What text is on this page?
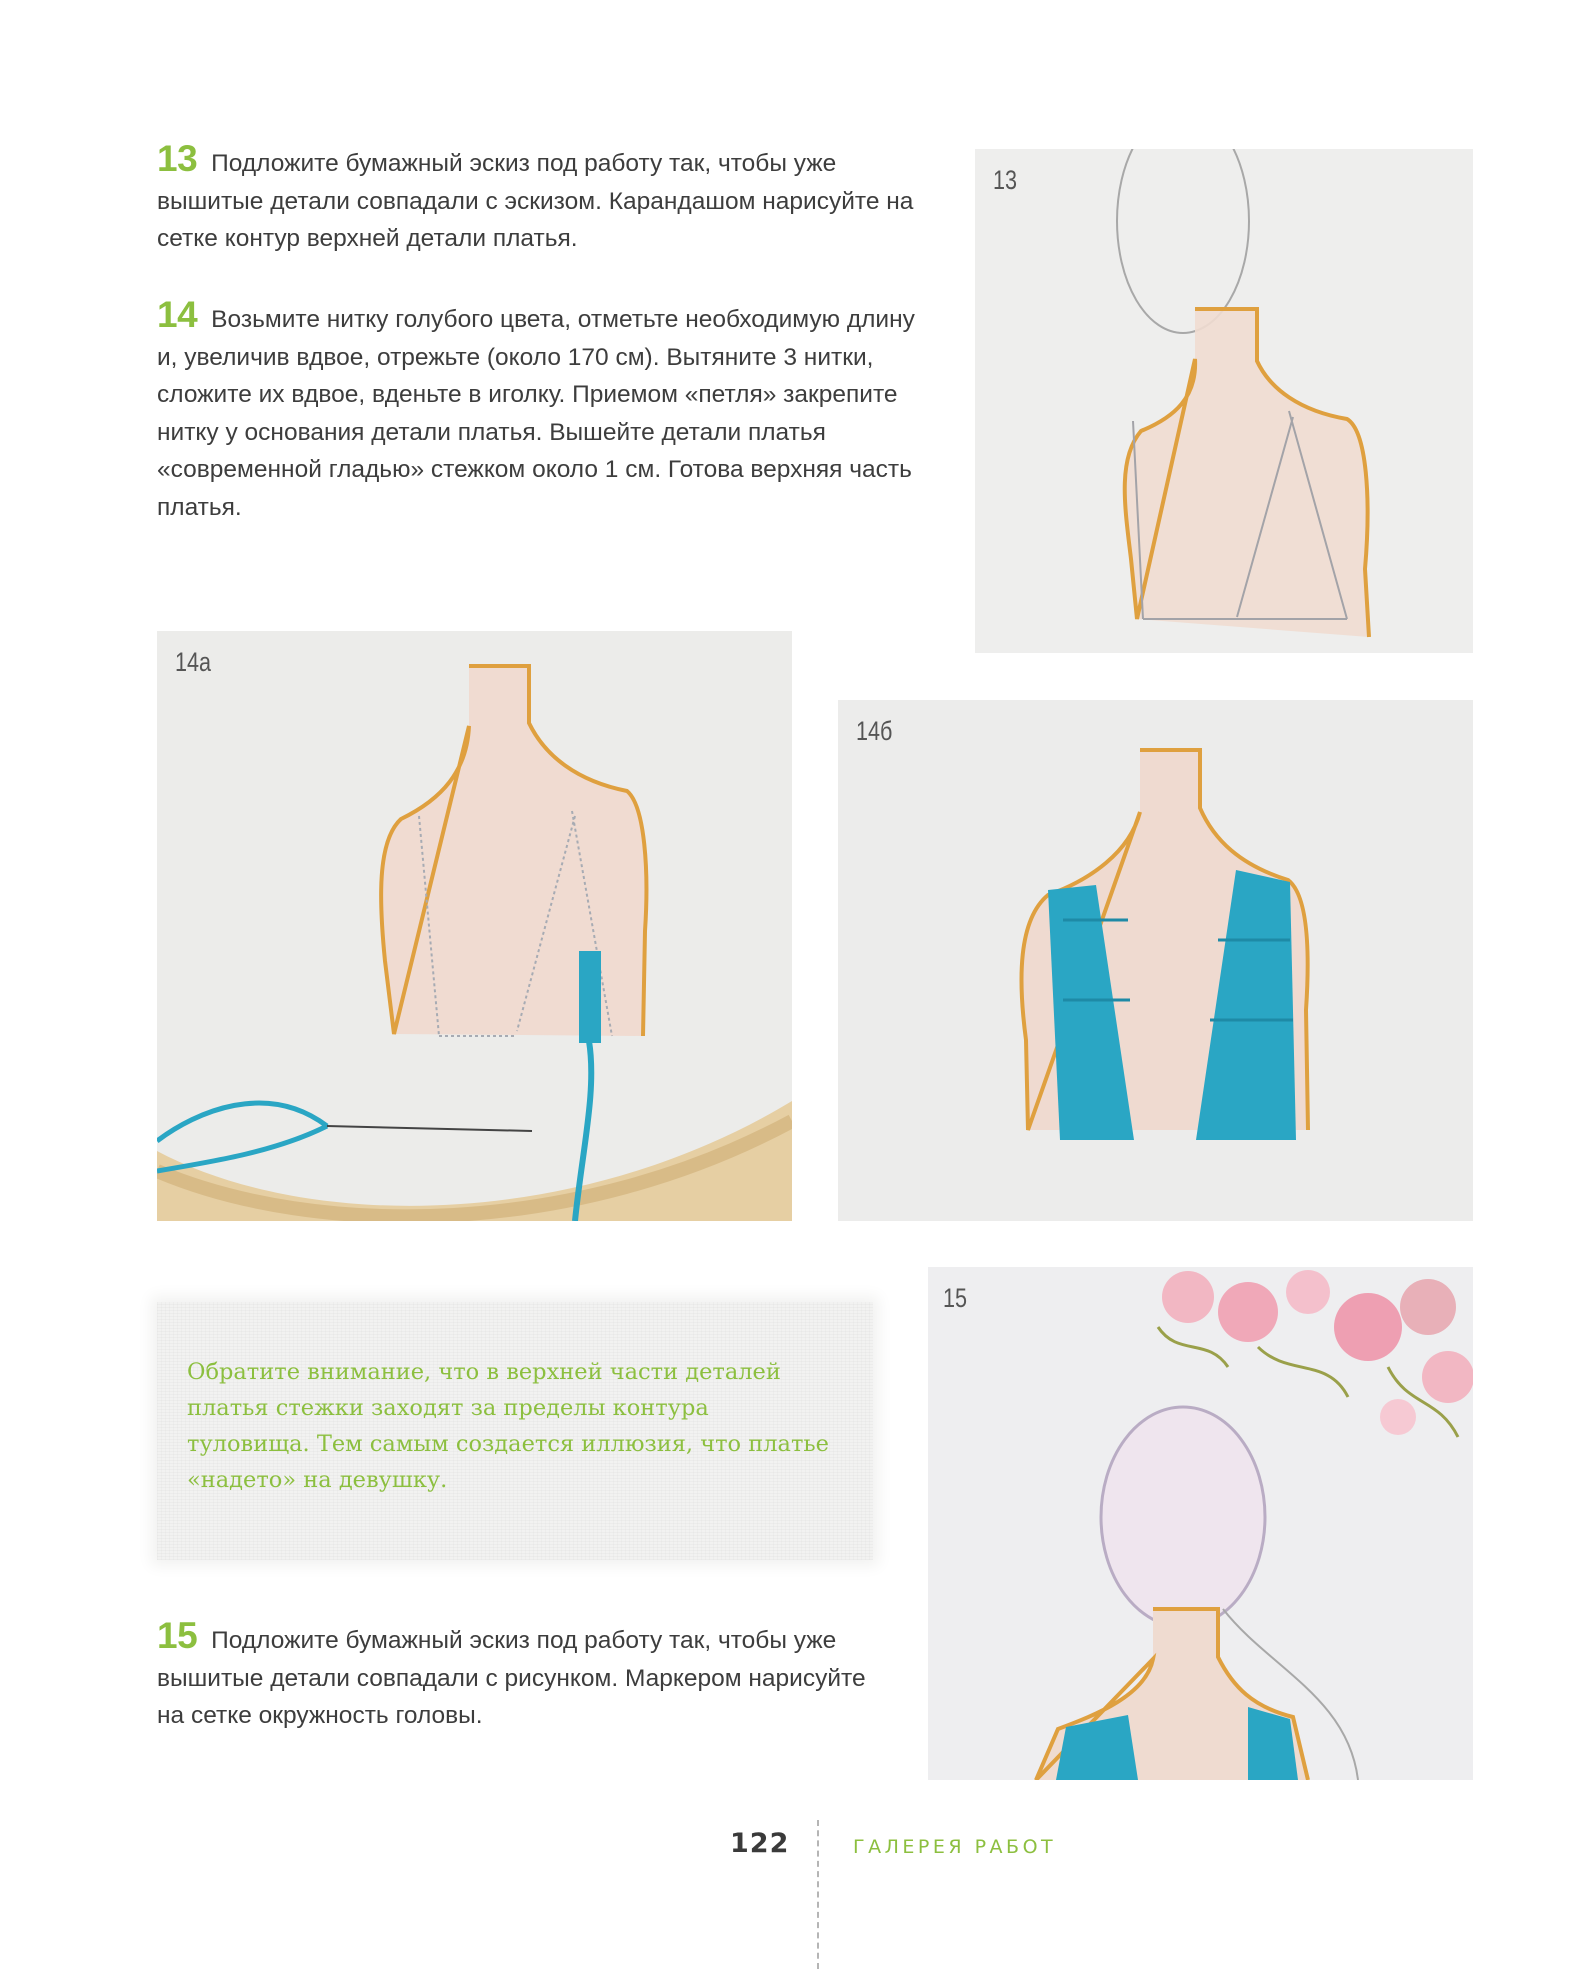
13 Подложите бумажный эскиз под работу так, чтобы уже вышитые детали совпадали с эскизом. Карандашом нарисуйте на сетке контур верхней детали платья.

14 Возьмите нитку голубого цвета, отметьте необходимую длину и, увеличив вдвое, отрежьте (около 170 см). Вытяните 3 нитки, сложите их вдвое, вденьте в иголку. Приемом «петля» закрепите нитку у основания детали платья. Вышейте детали платья «современной гладью» стежком около 1 см. Готова верхняя часть платья.

13
14а
14б
Обратите внимание, что в верхней части деталей платья стежки заходят за пределы контура туловища. Тем самым создается иллюзия, что платье «надето» на девушку.
15
15 Подложите бумажный эскиз под работу так, чтобы уже вышитые детали совпадали с рисунком. Маркером нарисуйте на сетке окружность головы.

122	ГАЛЕРЕЯ РАБОТ
